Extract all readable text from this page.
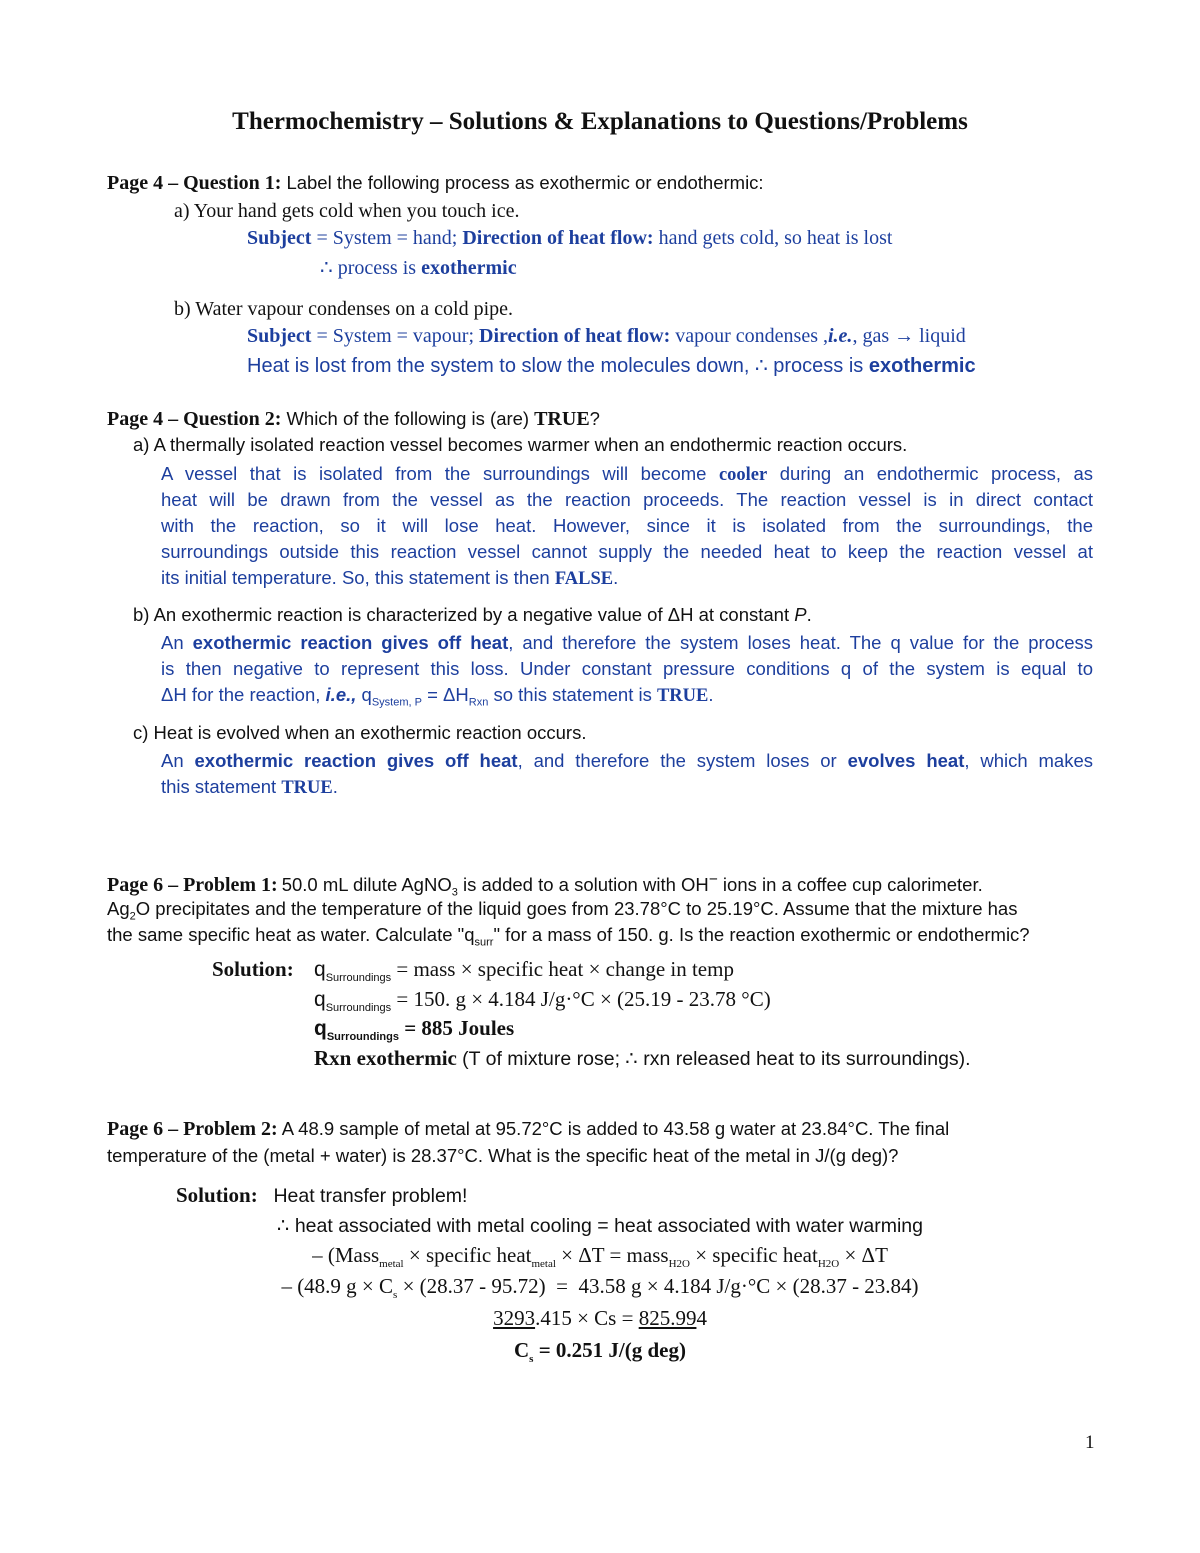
Thermochemistry – Solutions & Explanations to Questions/Problems
Page 4 – Question 1: Label the following process as exothermic or endothermic:
a) Your hand gets cold when you touch ice.
Subject = System = hand; Direction of heat flow: hand gets cold, so heat is lost
∴ process is exothermic
b) Water vapour condenses on a cold pipe.
Subject = System = vapour; Direction of heat flow: vapour condenses ,i.e., gas → liquid
Heat is lost from the system to slow the molecules down, ∴ process is exothermic
Page 4 – Question 2: Which of the following is (are) TRUE?
a) A thermally isolated reaction vessel becomes warmer when an endothermic reaction occurs.
A vessel that is isolated from the surroundings will become cooler during an endothermic process, as
heat will be drawn from the vessel as the reaction proceeds. The reaction vessel is in direct contact
with the reaction, so it will lose heat. However, since it is isolated from the surroundings, the
surroundings outside this reaction vessel cannot supply the needed heat to keep the reaction vessel at
its initial temperature. So, this statement is then FALSE.
b) An exothermic reaction is characterized by a negative value of ΔH at constant P.
An exothermic reaction gives off heat, and therefore the system loses heat. The q value for the process
is then negative to represent this loss. Under constant pressure conditions q of the system is equal to
ΔH for the reaction, i.e., $q_{System, P} = \Delta H_{Rxn}$ so this statement is TRUE.
c) Heat is evolved when an exothermic reaction occurs.
An exothermic reaction gives off heat, and therefore the system loses or evolves heat, which makes
this statement TRUE.
Page 6 – Problem 1: 50.0 mL dilute AgNO$_3$ is added to a solution with OH− ions in a coffee cup calorimeter.
$Ag_2O$ precipitates and the temperature of the liquid goes from 23.78°C to 25.19°C. Assume that the mixture has
the same specific heat as water. Calculate "$q_{surr}$" for a mass of 150. g. Is the reaction exothermic or endothermic?
Solution: $q_{Surroundings}$ = mass × specific heat × change in temp
$q_{Surroundings} = 150$. g × 4.184 J/g·°C × (25.19 - 23.78 °C)
$q_{Surroundings} = 885$ Joules
Rxn exothermic (T of mixture rose; ∴ rxn released heat to its surroundings).
Page 6 – Problem 2: A 48.9 sample of metal at 95.72°C is added to 43.58 g water at 23.84°C. The final
temperature of the (metal + water) is 28.37°C. What is the specific heat of the metal in J/(g deg)?
Solution: Heat transfer problem!
∴ heat associated with metal cooling = heat associated with water warming
– (Mass$_{metal}$ × specific heat$_{metal}$ × ΔT = mass$_{H2O}$ × specific heat$_{H2O}$ × ΔT
– (48.9 $g \times C_s \times (28.37 - 95.72) = 43.58$ g × 4.184 J/g·°C × (28.37 - 23.84)
3293.415 × Cs = 825.994
$C_s = 0.251$ J/(g deg)
1
